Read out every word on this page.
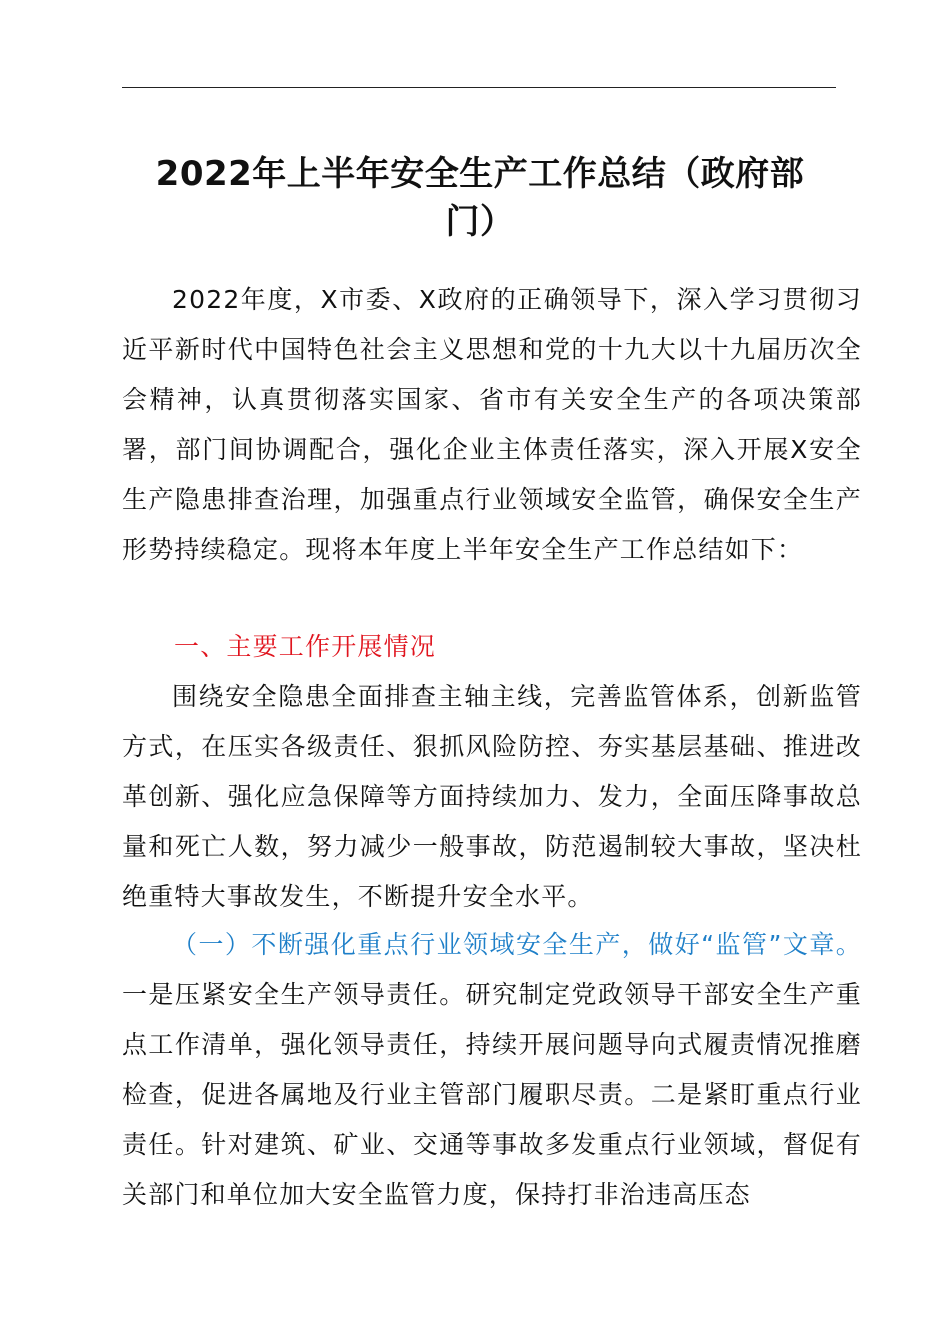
2022年上半年安全生产工作总结（政府部门）
2022年度，X市委、X政府的正确领导下，深入学习贯彻习近平新时代中国特色社会主义思想和党的十九大以十九届历次全会精神，认真贯彻落实国家、省市有关安全生产的各项决策部署，部门间协调配合，强化企业主体责任落实，深入开展X安全生产隐患排查治理，加强重点行业领域安全监管，确保安全生产形势持续稳定。现将本年度上半年安全生产工作总结如下：
一、主要工作开展情况
围绕安全隐患全面排查主轴主线，完善监管体系，创新监管方式，在压实各级责任、狠抓风险防控、夯实基层基础、推进改革创新、强化应急保障等方面持续加力、发力，全面压降事故总量和死亡人数，努力减少一般事故，防范遏制较大事故，坚决杜绝重特大事故发生，不断提升安全水平。
（一）不断强化重点行业领域安全生产，做好“监管”文章。一是压紧安全生产领导责任。研究制定党政领导干部安全生产重点工作清单，强化领导责任，持续开展问题导向式履责情况推磨检查，促进各属地及行业主管部门履职尽责。二是紧盯重点行业责任。针对建筑、矿业、交通等事故多发重点行业领域，督促有关部门和单位加大安全监管力度，保持打非治违高压态
